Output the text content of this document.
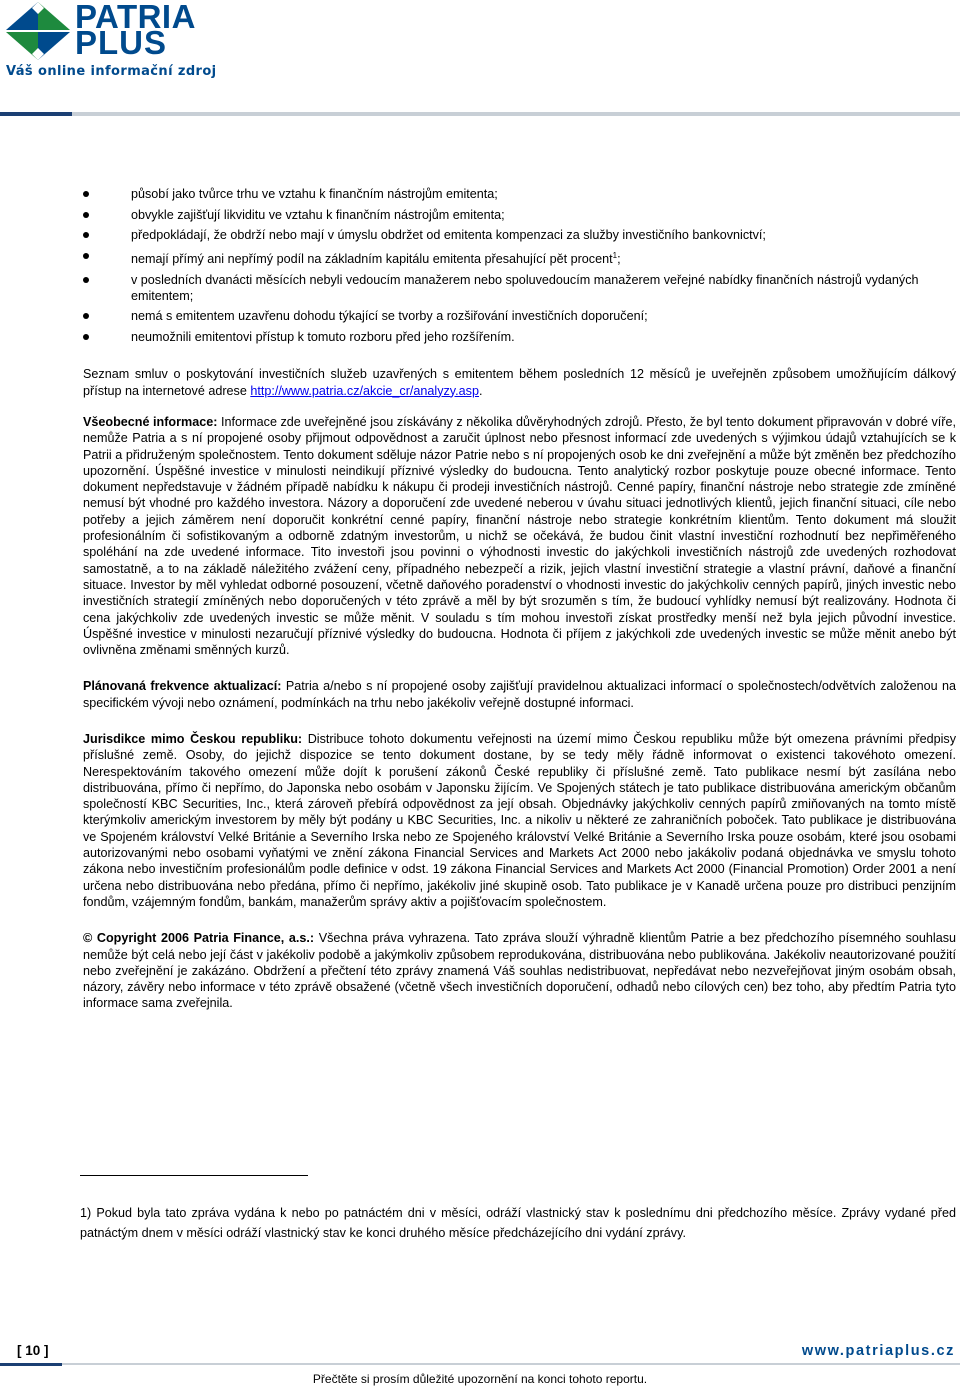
PATRIA
PLUS
Váš online informační zdroj
působí jako tvůrce trhu ve vztahu k finančním nástrojům emitenta;
obvykle zajišťují likviditu ve vztahu k finančním nástrojům emitenta;
předpokládají, že obdrží nebo mají v úmyslu obdržet od emitenta kompenzaci za služby investičního bankovnictví;
nemají přímý ani nepřímý podíl na základním kapitálu emitenta přesahující pět procent$^1$;
v posledních dvanácti měsících nebyli vedoucím manažerem nebo spoluvedoucím manažerem veřejné nabídky finančních nástrojů vydaných emitentem;
nemá s emitentem uzavřenu dohodu týkající se tvorby a rozšiřování investičních doporučení;
neumožnili emitentovi přístup k tomuto rozboru před jeho rozšířením.

Seznam smluv o poskytování investičních služeb uzavřených s emitentem během posledních 12 měsíců je uveřejněn způsobem umožňujícím dálkový přístup na internetové adrese http://www.patria.cz/akcie_cr/analyzy.asp.

Všeobecné informace: Informace zde uveřejněné jsou získávány z několika důvěryhodných zdrojů. Přesto, že byl tento dokument připravován v dobré víře, nemůže Patria a s ní propojené osoby přijmout odpovědnost a zaručit úplnost nebo přesnost informací zde uvedených s výjimkou údajů vztahujících se k Patrii a přidruženým společnostem. Tento dokument sděluje názor Patrie nebo s ní propojených osob ke dni zveřejnění a může být změněn bez předchozího upozornění. Úspěšné investice v minulosti neindikují příznivé výsledky do budoucna. Tento analytický rozbor poskytuje pouze obecné informace. Tento dokument nepředstavuje v žádném případě nabídku k nákupu či prodeji investičních nástrojů. Cenné papíry, finanční nástroje nebo strategie zde zmíněné nemusí být vhodné pro každého investora. Názory a doporučení zde uvedené neberou v úvahu situaci jednotlivých klientů, jejich finanční situaci, cíle nebo potřeby a jejich záměrem není doporučit konkrétní cenné papíry, finanční nástroje nebo strategie konkrétním klientům. Tento dokument má sloužit profesionálním či sofistikovaným a odborně zdatným investorům, u nichž se očekává, že budou činit vlastní investiční rozhodnutí bez nepřiměřeného spoléhání na zde uvedené informace. Tito investoři jsou povinni o výhodnosti investic do jakýchkoli investičních nástrojů zde uvedených rozhodovat samostatně, a to na základě náležitého zvážení ceny, případného nebezpečí a rizik, jejich vlastní investiční strategie a vlastní právní, daňové a finanční situace. Investor by měl vyhledat odborné posouzení, včetně daňového poradenství o vhodnosti investic do jakýchkoliv cenných papírů, jiných investic nebo investičních strategií zmíněných nebo doporučených v této zprávě a měl by být srozuměn s tím, že budoucí vyhlídky nemusí být realizovány. Hodnota či cena jakýchkoliv zde uvedených investic se může měnit. V souladu s tím mohou investoři získat prostředky menší než byla jejich původní investice. Úspěšné investice v minulosti nezaručují příznivé výsledky do budoucna. Hodnota či příjem z jakýchkoli zde uvedených investic se může měnit anebo být ovlivněna změnami směnných kurzů.

Plánovaná frekvence aktualizací: Patria a/nebo s ní propojené osoby zajišťují pravidelnou aktualizaci informací o společnostech/odvětvích založenou na specifickém vývoji nebo oznámení, podmínkách na trhu nebo jakékoliv veřejně dostupné informaci.

Jurisdikce mimo Českou republiku: Distribuce tohoto dokumentu veřejnosti na území mimo Českou republiku může být omezena právními předpisy příslušné země. Osoby, do jejichž dispozice se tento dokument dostane, by se tedy měly řádně informovat o existenci takovéhoto omezení. Nerespektováním takového omezení může dojít k porušení zákonů České republiky či příslušné země. Tato publikace nesmí být zasílána nebo distribuována, přímo či nepřímo, do Japonska nebo osobám v Japonsku žijícím. Ve Spojených státech je tato publikace distribuována americkým občanům společností KBC Securities, Inc., která zároveň přebírá odpovědnost za její obsah. Objednávky jakýchkoliv cenných papírů zmiňovaných na tomto místě kterýmkoliv americkým investorem by měly být podány u KBC Securities, Inc. a nikoliv u některé ze zahraničních poboček. Tato publikace je distribuována ve Spojeném království Velké Británie a Severního Irska nebo ze Spojeného království Velké Británie a Severního Irska pouze osobám, které jsou osobami autorizovanými nebo osobami vyňatými ve znění zákona Financial Services and Markets Act 2000 nebo jakákoliv podaná objednávka ve smyslu tohoto zákona nebo investičním profesionálům podle definice v odst. 19 zákona Financial Services and Markets Act 2000 (Financial Promotion) Order 2001 a není určena nebo distribuována nebo předána, přímo či nepřímo, jakékoliv jiné skupině osob. Tato publikace je v Kanadě určena pouze pro distribuci penzijním fondům, vzájemným fondům, bankám, manažerům správy aktiv a pojišťovacím společnostem.

© Copyright 2006 Patria Finance, a.s.: Všechna práva vyhrazena. Tato zpráva slouží výhradně klientům Patrie a bez předchozího písemného souhlasu nemůže být celá nebo její část v jakékoliv podobě a jakýmkoliv způsobem reprodukována, distribuována nebo publikována. Jakékoliv neautorizované použití nebo zveřejnění je zakázáno. Obdržení a přečtení této zprávy znamená Váš souhlas nedistribuovat, nepředávat nebo nezveřejňovat jiným osobám obsah, názory, závěry nebo informace v této zprávě obsažené (včetně všech investičních doporučení, odhadů nebo cílových cen) bez toho, aby předtím Patria tyto informace sama zveřejnila.

1) Pokud byla tato zpráva vydána k nebo po patnáctém dni v měsíci, odráží vlastnický stav k poslednímu dni předchozího měsíce. Zprávy vydané před patnáctým dnem v měsíci odráží vlastnický stav ke konci druhého měsíce předcházejícího dni vydání zprávy.
[ 10 ]	www.patriaplus.cz
Přečtěte si prosím důležité upozornění na konci tohoto reportu.
